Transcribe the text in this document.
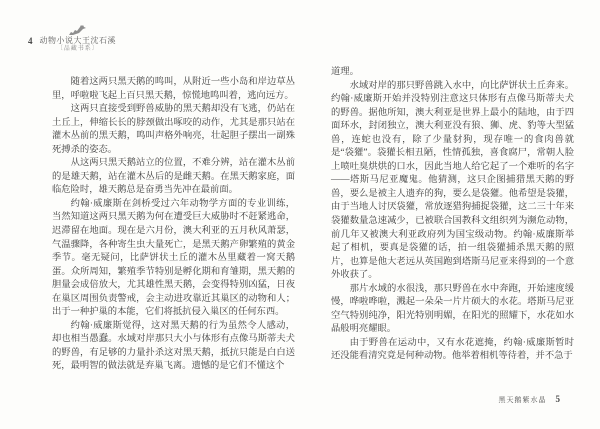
4 动物小说大王沈石溪
〔品藏书系〕

随着这两只黑天鹅的鸣叫，从附近一些小岛和岸边草丛里，呼啦啦飞起上百只黑天鹅，惊慌地鸣叫着，逃向远方。

这两只直接受到野兽威胁的黑天鹅却没有飞逃，仍站在土丘上，伸缩长长的脖颈做出啄咬的动作，尤其是那只站在灌木丛前的黑天鹅，鸣叫声格外响亮，壮起胆子摆出一副殊死搏杀的姿态。

从这两只黑天鹅站立的位置，不难分辨，站在灌木丛前的是雄天鹅，站在灌木丛后的是雌天鹅。在黑天鹅家庭，面临危险时，雄天鹅总是奋勇当先冲在最前面。

约翰·威廉斯在剑桥受过六年动物学方面的专业训练，当然知道这两只黑天鹅为何在遭受巨大威胁时不赶紧逃命，迟滞留在地面。现在是六月份，澳大利亚的五月秋风萧瑟，气温骤降，各种寄生虫大量死亡，是黑天鹅产卵繁殖的黄金季节。毫无疑问，比萨饼状土丘的灌木丛里藏着一窝天鹅蛋。众所周知，繁殖季节特别是孵化期和育雏期，黑天鹅的胆量会成倍放大，尤其雄性黑天鹅，会变得特别凶猛，日夜在巢区周围负责警戒，会主动进攻靠近其巢区的动物和人；出于一种护巢的本能，它们将抵抗侵入巢区的任何东西。

约翰·威廉斯觉得，这对黑天鹅的行为虽然令人感动，却也相当愚蠢。水域对岸那只大小与体形有点像马斯蒂夫犬的野兽，有足够的力量扑杀这对黑天鹅，抵抗只能是白白送死，最明智的做法就是弃巢飞离。遗憾的是它们不懂这个

道理。

水域对岸的那只野兽跳入水中，向比萨饼状土丘奔来。约翰·威廉斯开始并没特别注意这只体形有点像马斯蒂夫犬的野兽。据他所知，澳大利亚是世界上最小的陆地，由于四面环水，封闭独立，澳大利亚没有狼、狮、虎、豹等大型猛兽，连蛇也没有，除了少量豺狗，现存唯一的食肉兽就是“袋獾”。袋獾长相丑陋，性情孤独，喜食腐尸，常朝人脸上喷吐臭烘烘的口水，因此当地人给它起了一个难听的名字——塔斯马尼亚魔鬼。他猜测，这只企图捕猎黑天鹅的野兽，要么是被主人遗弃的狗，要么是袋獾。他希望是袋獾，由于当地人讨厌袋獾，常放逐猎狗捕捉袋獾，这二三十年来袋獾数量急速减少，已被联合国教科文组织列为濒危动物，前几年又被澳大利亚政府列为国宝级动物。约翰·威廉斯举起了相机，要真是袋獾的话，拍一组袋獾捕杀黑天鹅的照片，也算是他大老远从英国跑到塔斯马尼亚来得到的一个意外收获了。

那片水域的水很浅，那只野兽在水中奔跑，开始速度缓慢，哗啦哗啦，溅起一朵朵一片片硕大的水花。塔斯马尼亚空气特别纯净，阳光特别明媚，在阳光的照耀下，水花如水晶般明亮耀眼。

由于野兽在运动中，又有水花遮掩，约翰·威廉斯暂时还没能看清究竟是何种动物。他举着相机等待着，并不急于

黑天鹅紫水晶 5
